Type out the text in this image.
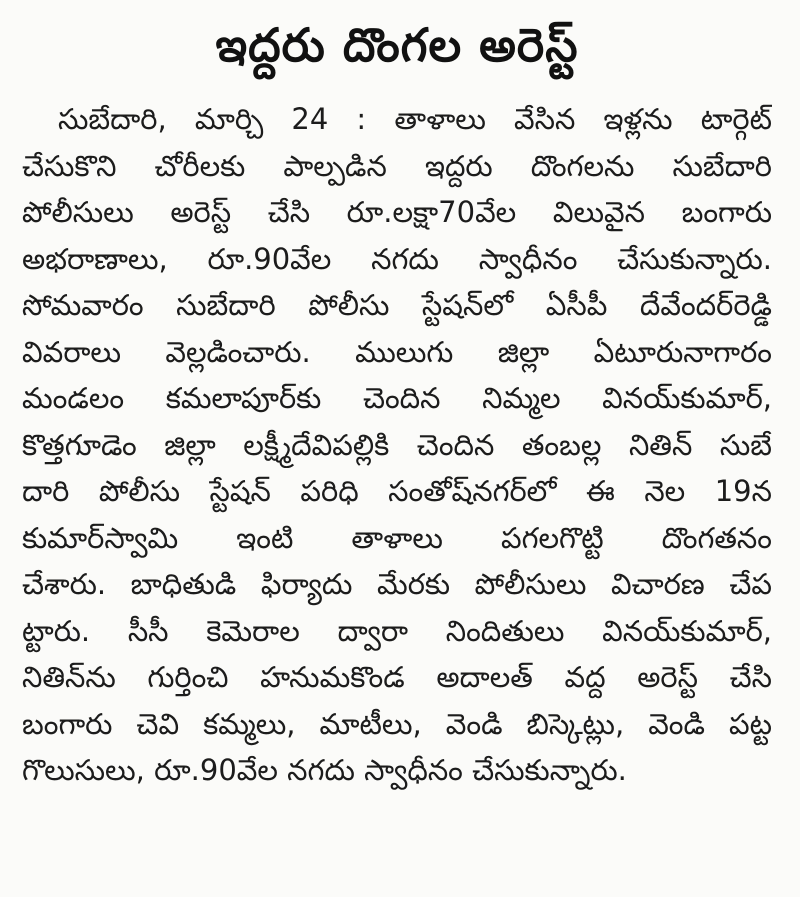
ఇద్దరు దొంగల అరెస్ట్
సుబేదారి, మార్చి 24 : తాళాలు వేసిన ఇళ్లను టార్గెట్
చేసుకొని చోరీలకు పాల్పడిన ఇద్దరు దొంగలను సుబేదారి
పోలీసులు అరెస్ట్ చేసి రూ.లక్షా70వేల విలువైన బంగారు
అభరాణాలు, రూ.90వేల నగదు స్వాధీనం చేసుకున్నారు.
సోమవారం సుబేదారి పోలీసు స్టేషన్‌లో ఏసీపీ దేవేందర్‌రెడ్డి
వివరాలు వెల్లడించారు. ములుగు జిల్లా ఏటూరునాగారం
మండలం కమలాపూర్‌కు చెందిన నిమ్మల వినయ్‌కుమార్,
కొత్తగూడెం జిల్లా లక్ష్మీదేవిపల్లికి చెందిన తంబల్ల నితిన్ సుబే
దారి పోలీసు స్టేషన్ పరిధి సంతోష్‌నగర్‌లో ఈ నెల 19న
కుమార్‌స్వామి ఇంటి తాళాలు పగలగొట్టి దొంగతనం
చేశారు. బాధితుడి ఫిర్యాదు మేరకు పోలీసులు విచారణ చేప
ట్టారు. సీసీ కెమెరాల ద్వారా నిందితులు వినయ్‌కుమార్,
నితిన్‌ను గుర్తించి హనుమకొండ అదాలత్ వద్ద అరెస్ట్ చేసి
బంగారు చెవి కమ్మలు, మాటీలు, వెండి బిస్కెట్లు, వెండి పట్ట
గొలుసులు, రూ.90వేల నగదు స్వాధీనం చేసుకున్నారు.
